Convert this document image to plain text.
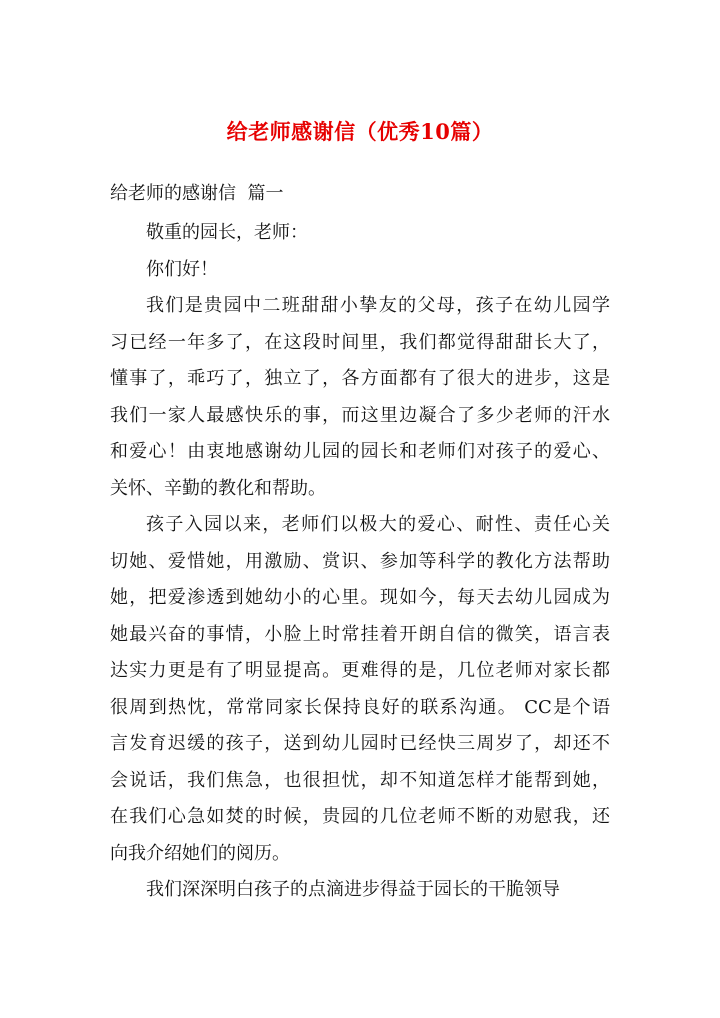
给老师感谢信（优秀10篇）

给老师的感谢信  篇一

敬重的园长，老师：

你们好！

我们是贵园中二班甜甜小挚友的父母，孩子在幼儿园学
习已经一年多了，在这段时间里，我们都觉得甜甜长大了，
懂事了，乖巧了，独立了，各方面都有了很大的进步，这是
我们一家人最感快乐的事，而这里边凝合了多少老师的汗水
和爱心！由衷地感谢幼儿园的园长和老师们对孩子的爱心、
关怀、辛勤的教化和帮助。

孩子入园以来，老师们以极大的爱心、耐性、责任心关
切她、爱惜她，用激励、赏识、参加等科学的教化方法帮助
她，把爱渗透到她幼小的心里。现如今，每天去幼儿园成为
她最兴奋的事情，小脸上时常挂着开朗自信的微笑，语言表
达实力更是有了明显提高。更难得的是，几位老师对家长都
很周到热忱，常常同家长保持良好的联系沟通。 CC是个语
言发育迟缓的孩子，送到幼儿园时已经快三周岁了，却还不
会说话，我们焦急，也很担忧，却不知道怎样才能帮到她，
在我们心急如焚的时候，贵园的几位老师不断的劝慰我，还
向我介绍她们的阅历。

我们深深明白孩子的点滴进步得益于园长的干脆领导
